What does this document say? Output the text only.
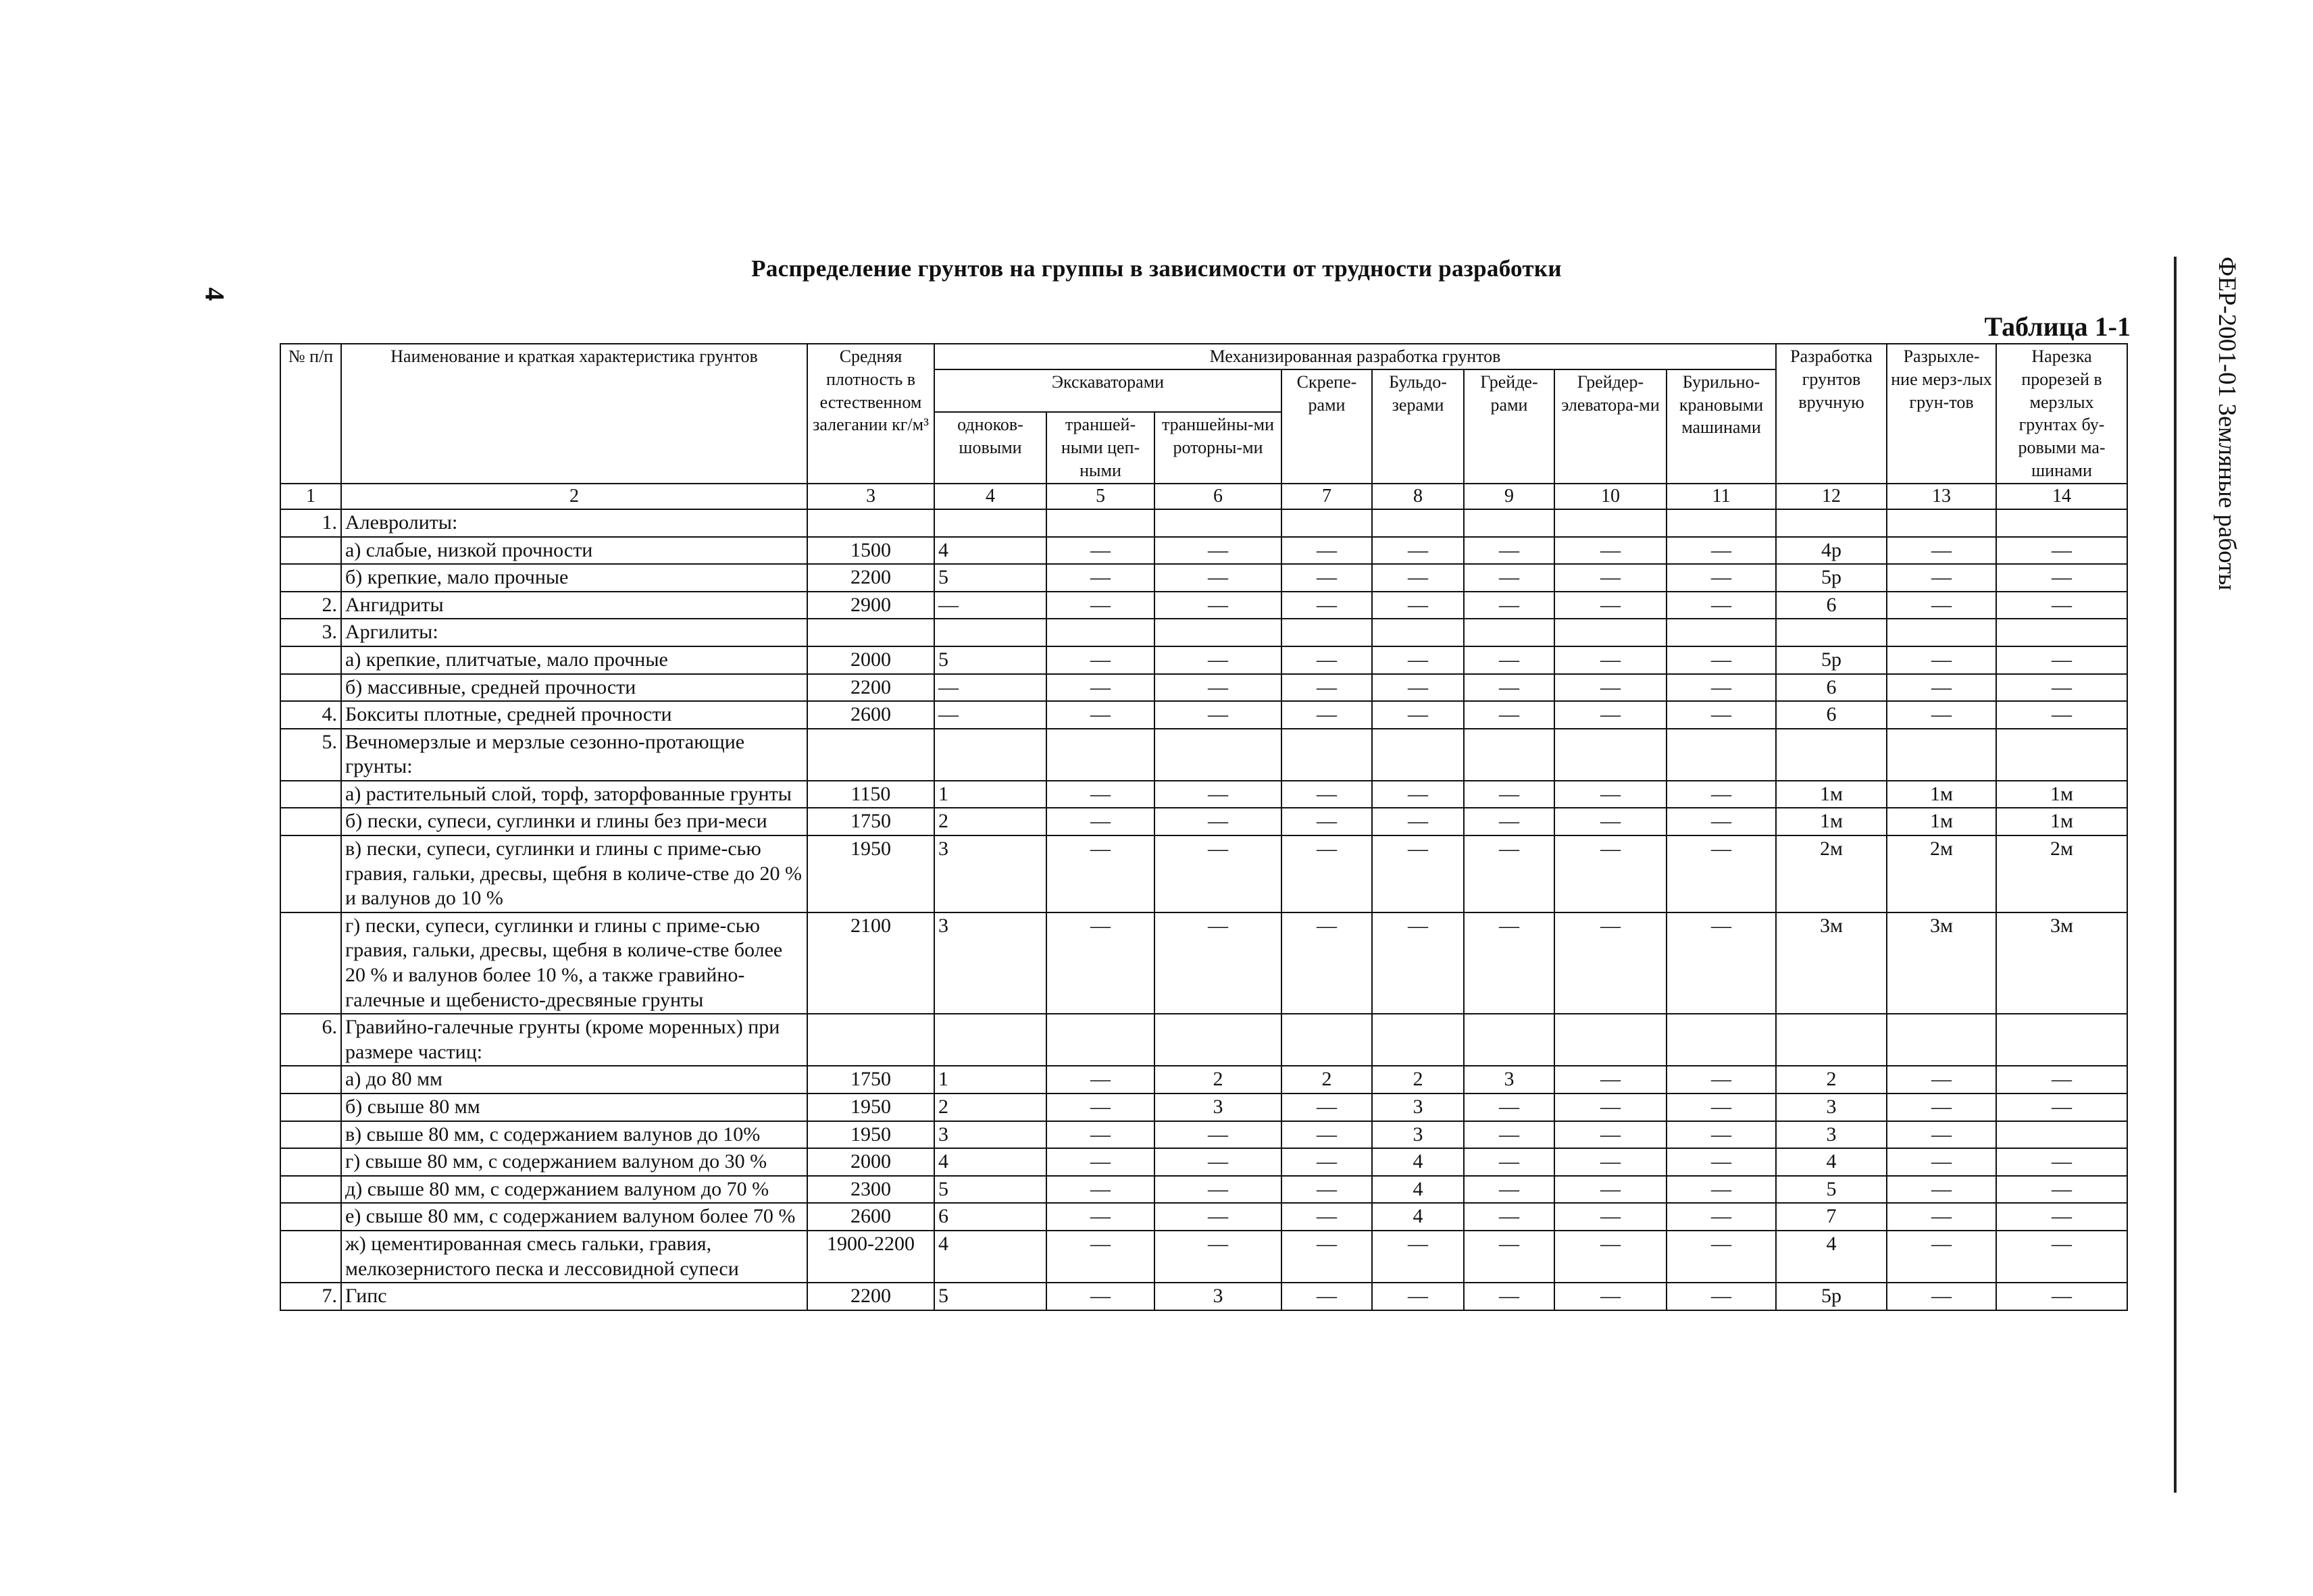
4
Распределение грунтов на группы в зависимости от трудности разработки
Таблица 1-1	ФЕР-2001-01 Земляные работы
№ п/п	Наименование и краткая характеристика грунтов	Средняя плотность в естественном залегании кг/м³	Механизированная разработка грунтов								Разработка грунтов вручную	Разрыхле-ние мерз-лых грун-тов	Нарезка прорезей в мерзлых грунтах бу-ровыми ма-шинами
			Экскаваторами			Скрепе-рами	Бульдо-зерами	Грейде-рами	Грейдер-элеватора-ми	Бурильно-крановыми машинами			
			одноков-шовыми	траншей-ными цеп-ными	траншейны-ми роторны-ми								
1	2	3	4	5	6	7	8	9	10	11	12	13	14
1.	Алевролиты:												
	а) слабые, низкой прочности	1500	4	—	—	—	—	—	—	—	4р	—	—
	б) крепкие, мало прочные	2200	5	—	—	—	—	—	—	—	5р	—	—
2.	Ангидриты	2900	—	—	—	—	—	—	—	—	6	—	—
3.	Аргилиты:												
	а) крепкие, плитчатые, мало прочные	2000	5	—	—	—	—	—	—	—	5р	—	—
	б) массивные, средней прочности	2200	—	—	—	—	—	—	—	—	6	—	—
4.	Бокситы плотные, средней прочности	2600	—	—	—	—	—	—	—	—	6	—	—
5.	Вечномерзлые и мерзлые сезонно-протающие грунты:												
	а) растительный слой, торф, заторфованные грунты	1150	1	—	—	—	—	—	—	—	1м	1м	1м
	б) пески, супеси, суглинки и глины без при-меси	1750	2	—	—	—	—	—	—	—	1м	1м	1м
	в) пески, супеси, суглинки и глины с приме-сью гравия, гальки, дресвы, щебня в количе-стве до 20 % и валунов до 10 %	1950	3	—	—	—	—	—	—	—	2м	2м	2м
	г) пески, супеси, суглинки и глины с приме-сью гравия, гальки, дресвы, щебня в количе-стве более 20 % и валунов более 10 %, а также гравийно-галечные и щебенисто-дресвяные грунты	2100	3	—	—	—	—	—	—	—	3м	3м	3м
6.	Гравийно-галечные грунты (кроме моренных) при размере частиц:												
	а) до 80 мм	1750	1	—	2	2	2	3	—	—	2	—	—
	б) свыше 80 мм	1950	2	—	3	—	3	—	—	—	3	—	—
	в) свыше 80 мм, с содержанием валунов до 10%	1950	3	—	—	—	3	—	—	—	3	—	
	г) свыше 80 мм, с содержанием валуном до 30 %	2000	4	—	—	—	4	—	—	—	4	—	—
	д) свыше 80 мм, с содержанием валуном до 70 %	2300	5	—	—	—	4	—	—	—	5	—	—
	е) свыше 80 мм, с содержанием валуном более 70 %	2600	6	—	—	—	4	—	—	—	7	—	—
	ж) цементированная смесь гальки, гравия, мелкозернистого песка и лессовидной супеси	1900-2200	4	—	—	—	—	—	—	—	4	—	—
7.	Гипс	2200	5	—	3	—	—	—	—	—	5р	—	—
